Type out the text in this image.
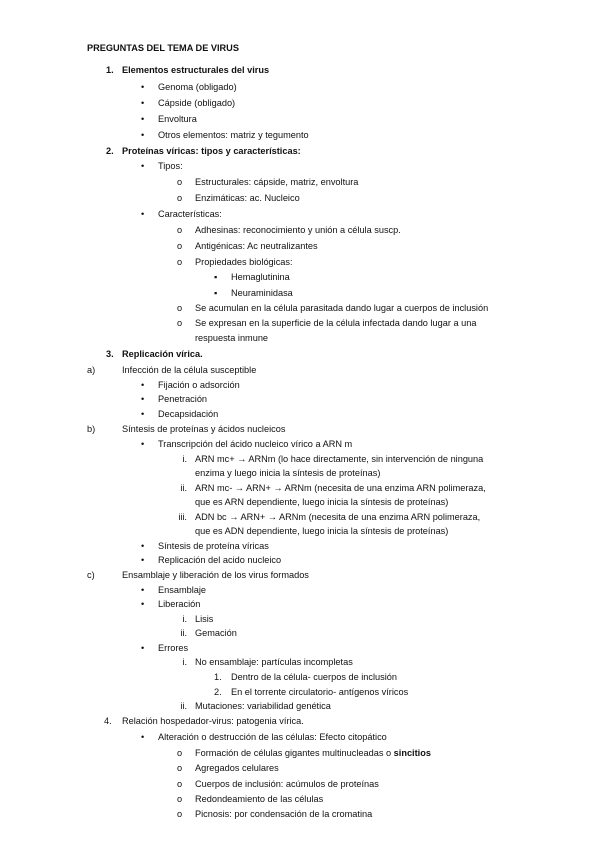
PREGUNTAS DEL TEMA DE VIRUS
1. Elementos estructurales del virus
• Genoma (obligado)
• Cápside (obligado)
• Envoltura
• Otros elementos: matriz y tegumento
2. Proteínas víricas: tipos y características:
• Tipos:
o Estructurales: cápside, matriz, envoltura
o Enzimáticas: ac. Nucleico
• Características:
o Adhesinas: reconocimiento y unión a célula suscp.
o Antigénicas: Ac neutralizantes
o Propiedades biológicas:
▪ Hemaglutinina
▪ Neuraminidasa
o Se acumulan en la célula parasitada dando lugar a cuerpos de inclusión
o Se expresan en la superficie de la célula infectada dando lugar a una
respuesta inmune
3. Replicación vírica.
a)	Infección de la célula susceptible
• Fijación o adsorción
• Penetración
• Decapsidación
b)	Síntesis de proteínas y ácidos nucleicos
• Transcripción del ácido nucleico vírico a ARN m
i. ARN mc+ → ARNm (lo hace directamente, sin intervención de ninguna
enzima y luego inicia la síntesis de proteínas)
ii. ARN mc- → ARN+ → ARNm (necesita de una enzima ARN polimeraza,
que es ARN dependiente, luego inicia la síntesis de proteínas)
iii. ADN bc → ARN+ → ARNm (necesita de una enzima ARN polimeraza,
que es ADN dependiente, luego inicia la síntesis de proteínas)
• Síntesis de proteína víricas
• Replicación del acido nucleico
c)	Ensamblaje y liberación de los virus formados
• Ensamblaje
• Liberación
i. Lisis
ii. Gemación
• Errores
i. No ensamblaje: partículas incompletas
1. Dentro de la célula- cuerpos de inclusión
2. En el torrente circulatorio- antígenos víricos
ii. Mutaciones: variabilidad genética
4. Relación hospedador-virus: patogenia vírica.
• Alteración o destrucción de las células: Efecto citopático
o Formación de células gigantes multinucleadas o sincitios
o Agregados celulares
o Cuerpos de inclusión: acúmulos de proteínas
o Redondeamiento de las células
o Picnosis: por condensación de la cromatina
